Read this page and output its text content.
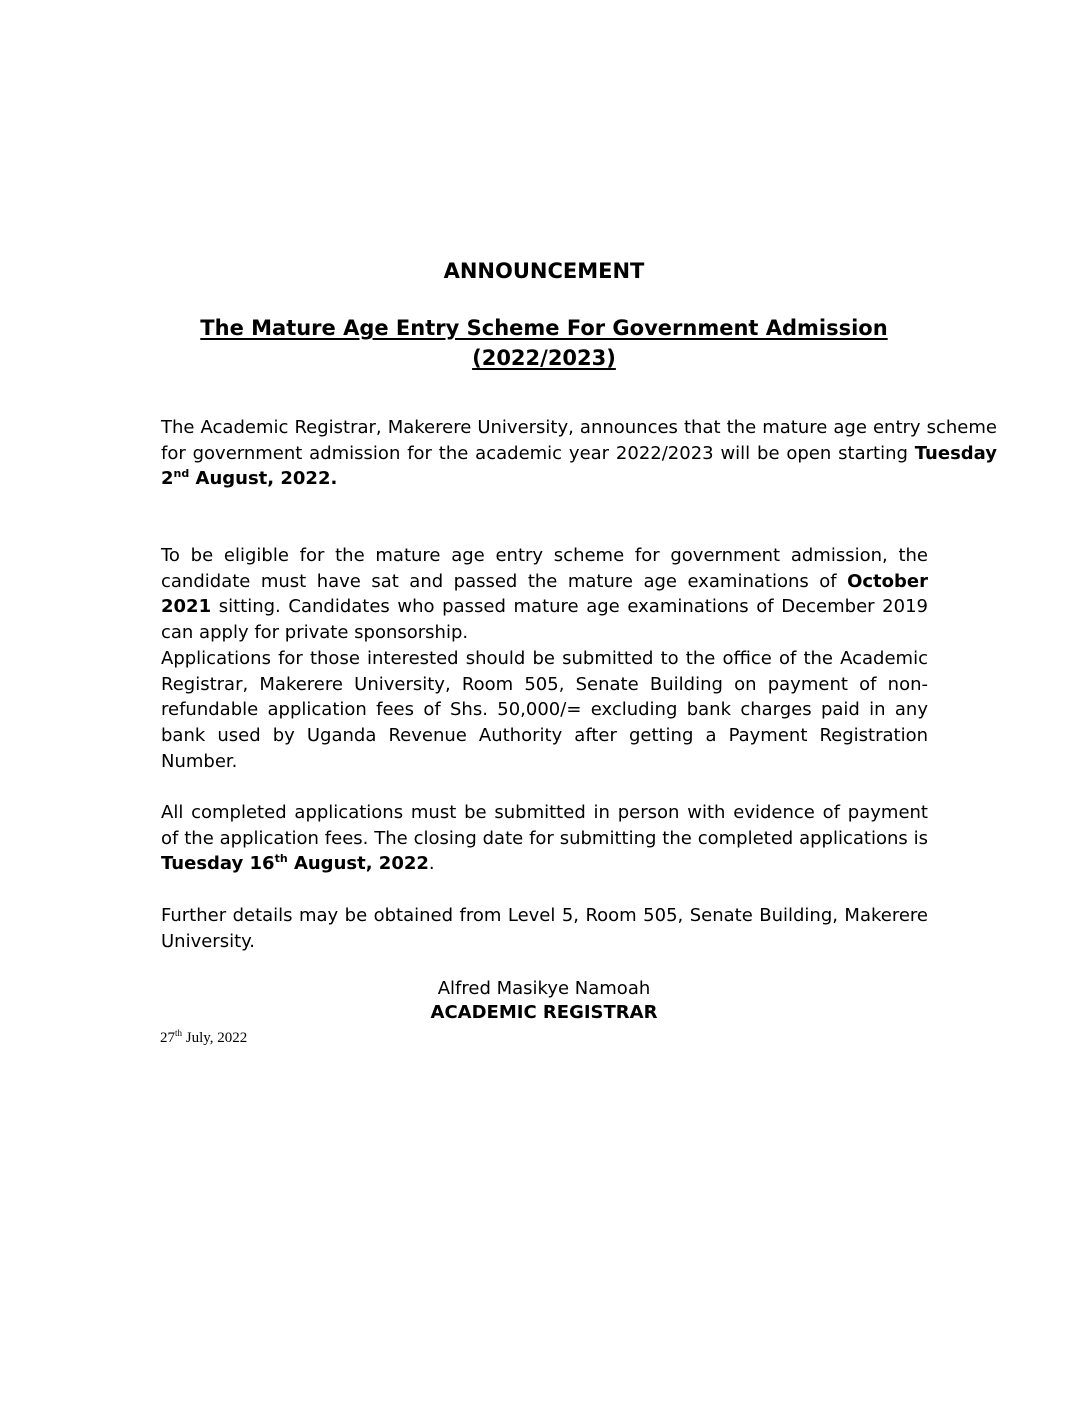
ANNOUNCEMENT
The Mature Age Entry Scheme For Government Admission
(2022/2023)

The Academic Registrar, Makerere University, announces that the mature age entry scheme for government admission for the academic year 2022/2023 will be open starting Tuesday 2nd August, 2022.

To be eligible for the mature age entry scheme for government admission, the candidate must have sat and passed the mature age examinations of October 2021 sitting. Candidates who passed mature age examinations of December 2019 can apply for private sponsorship.

Applications for those interested should be submitted to the office of the Academic Registrar, Makerere University, Room 505, Senate Building on payment of non-refundable application fees of Shs. 50,000/= excluding bank charges paid in any bank used by Uganda Revenue Authority after getting a Payment Registration Number.

All completed applications must be submitted in person with evidence of payment of the application fees. The closing date for submitting the completed applications is Tuesday 16th August, 2022.

Further details may be obtained from Level 5, Room 505, Senate Building, Makerere University.

Alfred Masikye Namoah

ACADEMIC REGISTRAR

27th July, 2022
